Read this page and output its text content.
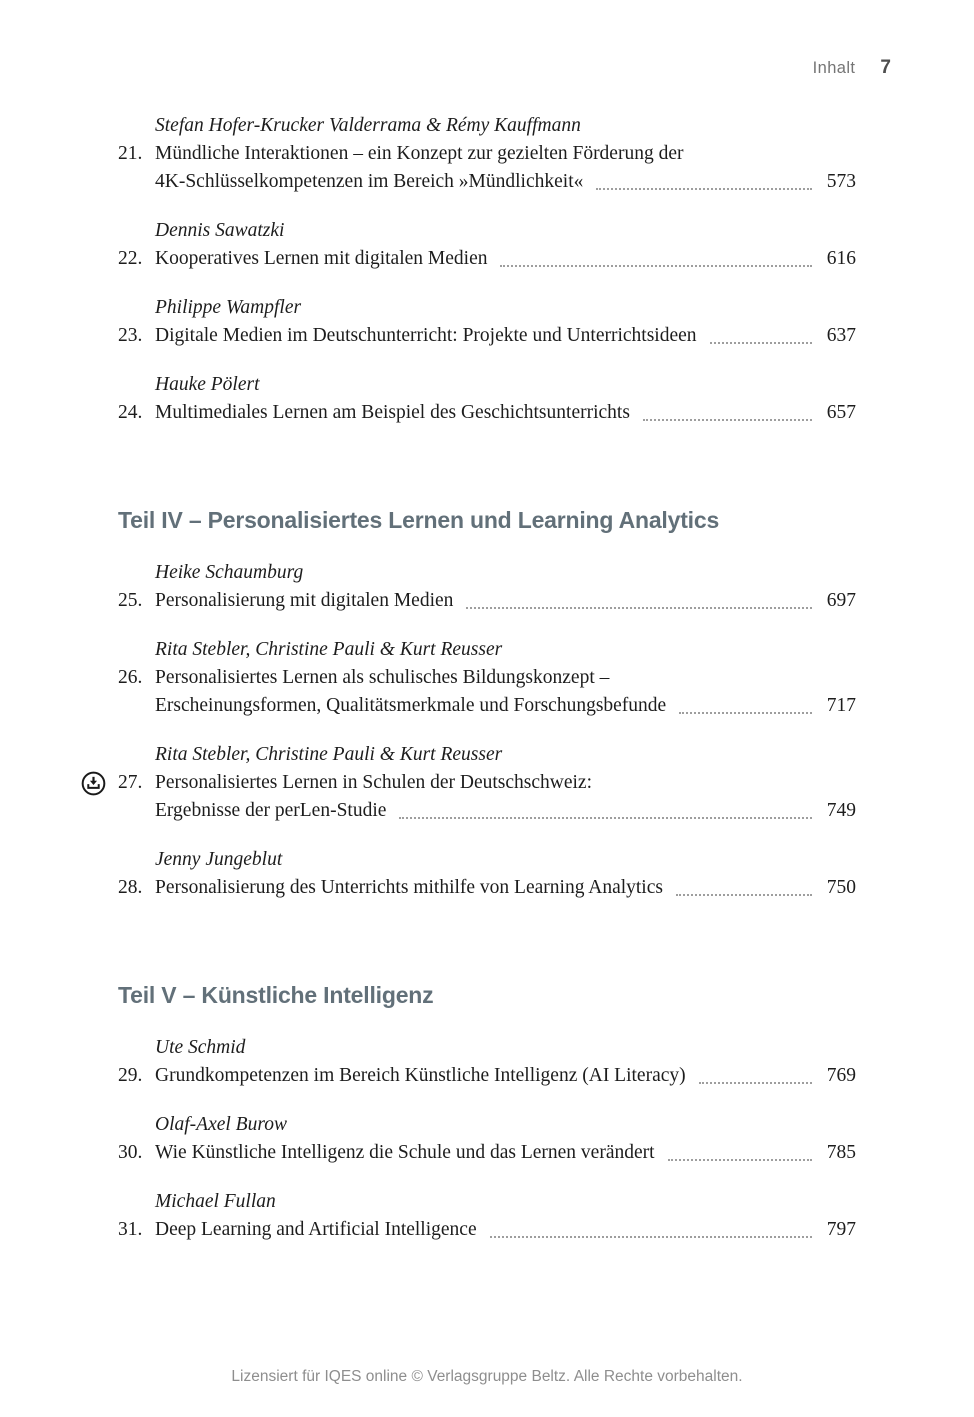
Inhalt 7
Stefan Hofer-Krucker Valderrama & Rémy Kauffmann
21. Mündliche Interaktionen – ein Konzept zur gezielten Förderung der
4K-Schlüsselkompetenzen im Bereich »Mündlichkeit«	573
Dennis Sawatzki
22. Kooperatives Lernen mit digitalen Medien	616
Philippe Wampfler
23. Digitale Medien im Deutschunterricht: Projekte und Unterrichtsideen	637
Hauke Pölert
24. Multimediales Lernen am Beispiel des Geschichtsunterrichts	657
Teil IV – Personalisiertes Lernen und Learning Analytics
Heike Schaumburg
25. Personalisierung mit digitalen Medien	697
Rita Stebler, Christine Pauli & Kurt Reusser
26. Personalisiertes Lernen als schulisches Bildungskonzept –
Erscheinungsformen, Qualitätsmerkmale und Forschungsbefunde	717
Rita Stebler, Christine Pauli & Kurt Reusser
27. Personalisiertes Lernen in Schulen der Deutschschweiz:
Ergebnisse der perLen-Studie	749
Jenny Jungeblut
28. Personalisierung des Unterrichts mithilfe von Learning Analytics	750
Teil V – Künstliche Intelligenz
Ute Schmid
29. Grundkompetenzen im Bereich Künstliche Intelligenz (AI Literacy)	769
Olaf-Axel Burow
30. Wie Künstliche Intelligenz die Schule und das Lernen verändert	785
Michael Fullan
31. Deep Learning and Artificial Intelligence	797
Lizensiert für IQES online © Verlagsgruppe Beltz. Alle Rechte vorbehalten.
